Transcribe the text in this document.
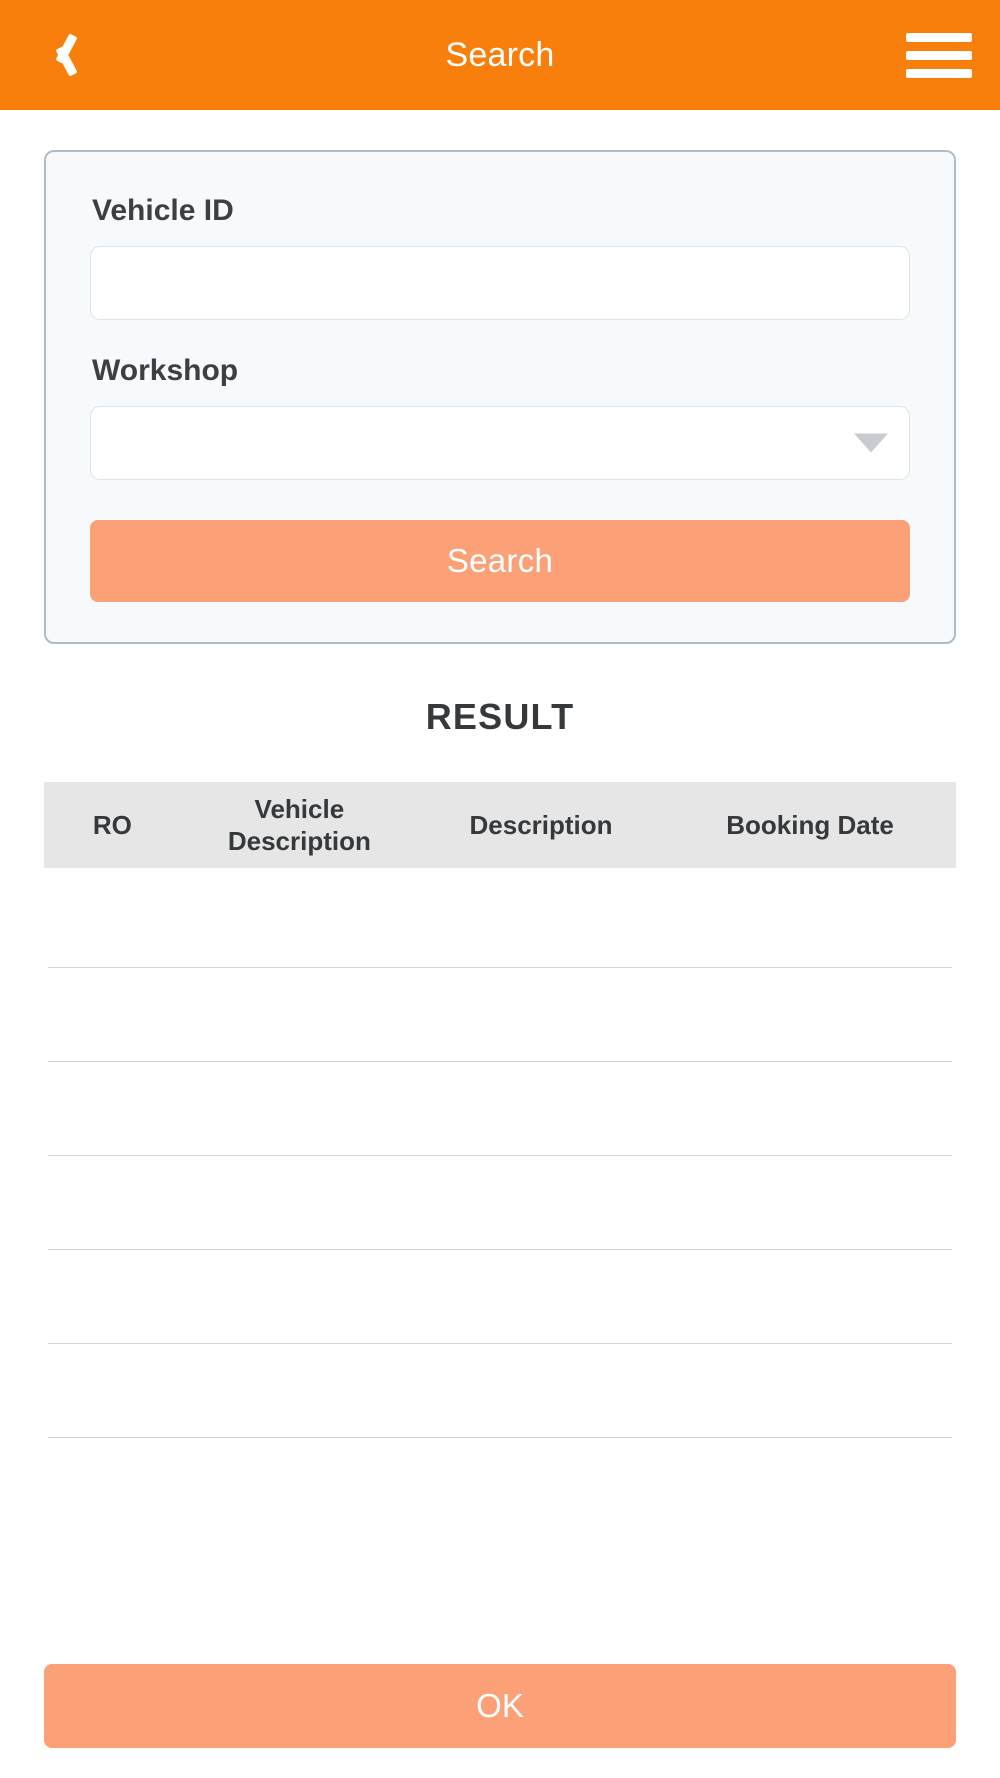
Search
Vehicle ID
Workshop
Search
RESULT
RO
Vehicle Description
Description	Booking Date
OK
